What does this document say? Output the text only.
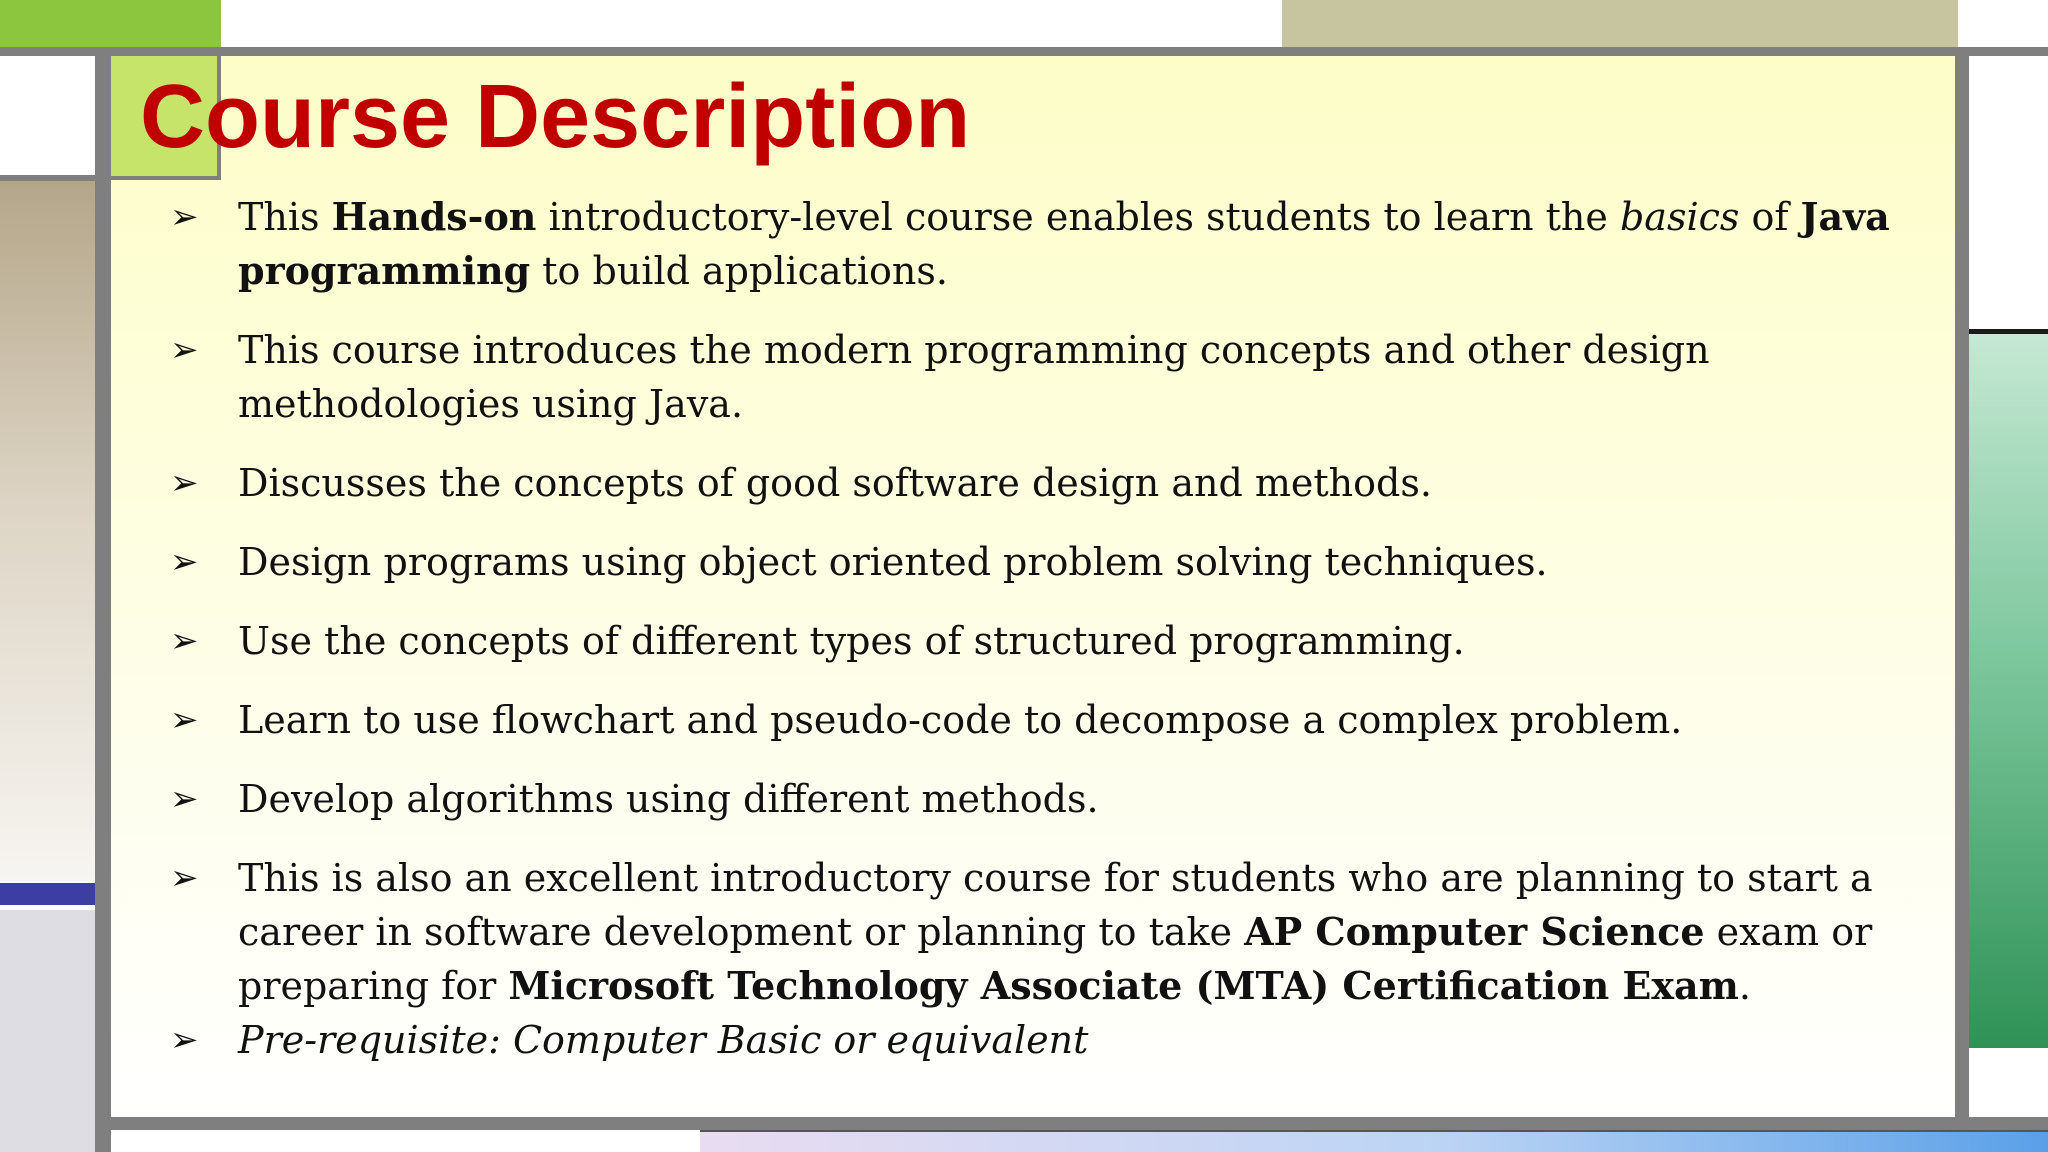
Course Description
➢ This Hands-on introductory-level course enables students to learn the basics of Java programming to build applications.
➢ This course introduces the modern programming concepts and other design methodologies using Java.
➢ Discusses the concepts of good software design and methods.
➢ Design programs using object oriented problem solving techniques.
➢ Use the concepts of different types of structured programming.
➢ Learn to use flowchart and pseudo-code to decompose a complex problem.
➢ Develop algorithms using different methods.
➢ This is also an excellent introductory course for students who are planning to start a career in software development or planning to take AP Computer Science exam or preparing for Microsoft Technology Associate (MTA) Certification Exam.
➢ Pre-requisite: Computer Basic or equivalent
